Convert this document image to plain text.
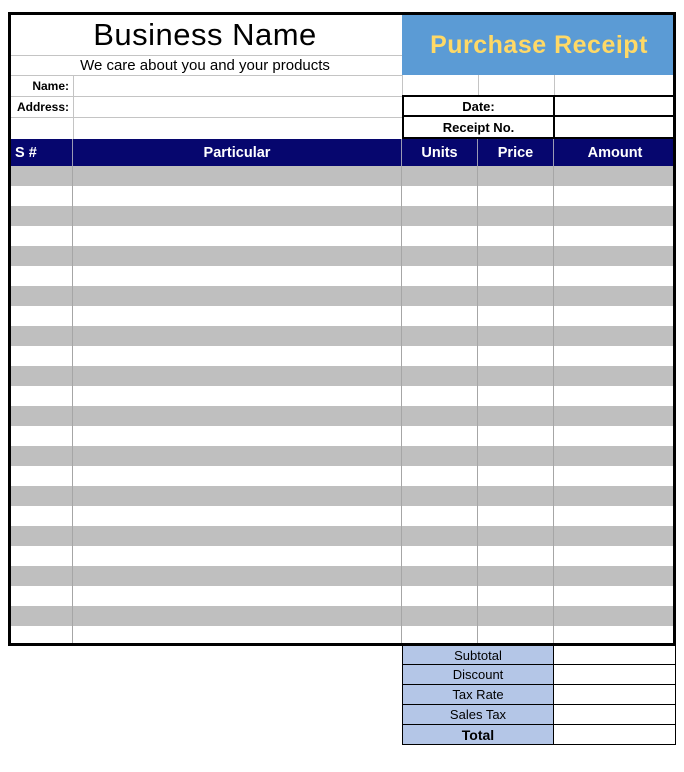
Business Name
We care about you and your products
Name:
Address:
Purchase Receipt
Date:
Receipt No.
S #	Particular	Units	Price	Amount
Subtotal
Discount
Tax Rate
Sales Tax
Total
